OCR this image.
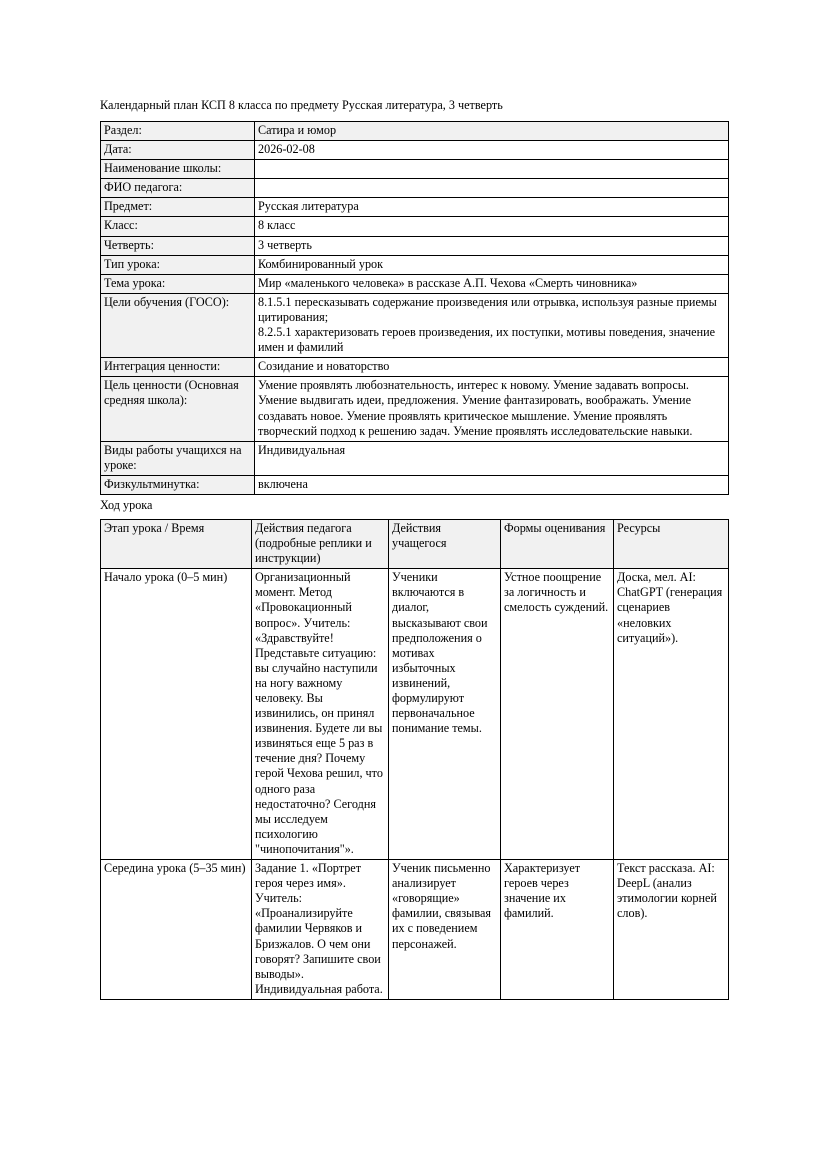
Календарный план КСП 8 класса по предмету Русская литература, 3 четверть

Раздел:	Сатира и юмор
Дата:	2026-02-08
Наименование школы:	
ФИО педагога:	
Предмет:	Русская литература
Класс:	8 класс
Четверть:	3 четверть
Тип урока:	Комбинированный урок
Тема урока:	Мир «маленького человека» в рассказе А.П. Чехова «Смерть чиновника»
Цели обучения (ГОСО):	8.1.5.1 пересказывать содержание произведения или отрывка, используя разные приемы цитирования;
8.2.5.1 характеризовать героев произведения, их поступки, мотивы поведения, значение имен и фамилий
Интеграция ценности:	Созидание и новаторство
Цель ценности (Основная средняя школа):	Умение проявлять любознательность, интерес к новому. Умение задавать вопросы. Умение выдвигать идеи, предложения. Умение фантазировать, воображать. Умение создавать новое. Умение проявлять критическое мышление. Умение проявлять творческий подход к решению задач. Умение проявлять исследовательские навыки.
Виды работы учащихся на уроке:	Индивидуальная
Физкультминутка:	включена

Ход урока

Этап урока / Время	Действия педагога (подробные реплики и инструкции)	Действия учащегося	Формы оценивания	Ресурсы
Начало урока (0–5 мин)	Организационный момент. Метод «Провокационный вопрос». Учитель: «Здравствуйте! Представьте ситуацию: вы случайно наступили на ногу важному человеку. Вы извинились, он принял извинения. Будете ли вы извиняться еще 5 раз в течение дня? Почему герой Чехова решил, что одного раза недостаточно? Сегодня мы исследуем психологию "чинопочитания"».	Ученики включаются в диалог, высказывают свои предположения о мотивах избыточных извинений, формулируют первоначальное понимание темы.	Устное поощрение за логичность и смелость суждений.	Доска, мел. AI: ChatGPT (генерация сценариев «неловких ситуаций»).
Середина урока (5–35 мин)	Задание 1. «Портрет героя через имя». Учитель: «Проанализируйте фамилии Червяков и Бризжалов. О чем они говорят? Запишите свои выводы». Индивидуальная работа.	Ученик письменно анализирует «говорящие» фамилии, связывая их с поведением персонажей.	Характеризует героев через значение их фамилий.	Текст рассказа. AI: DeepL (анализ этимологии корней слов).
